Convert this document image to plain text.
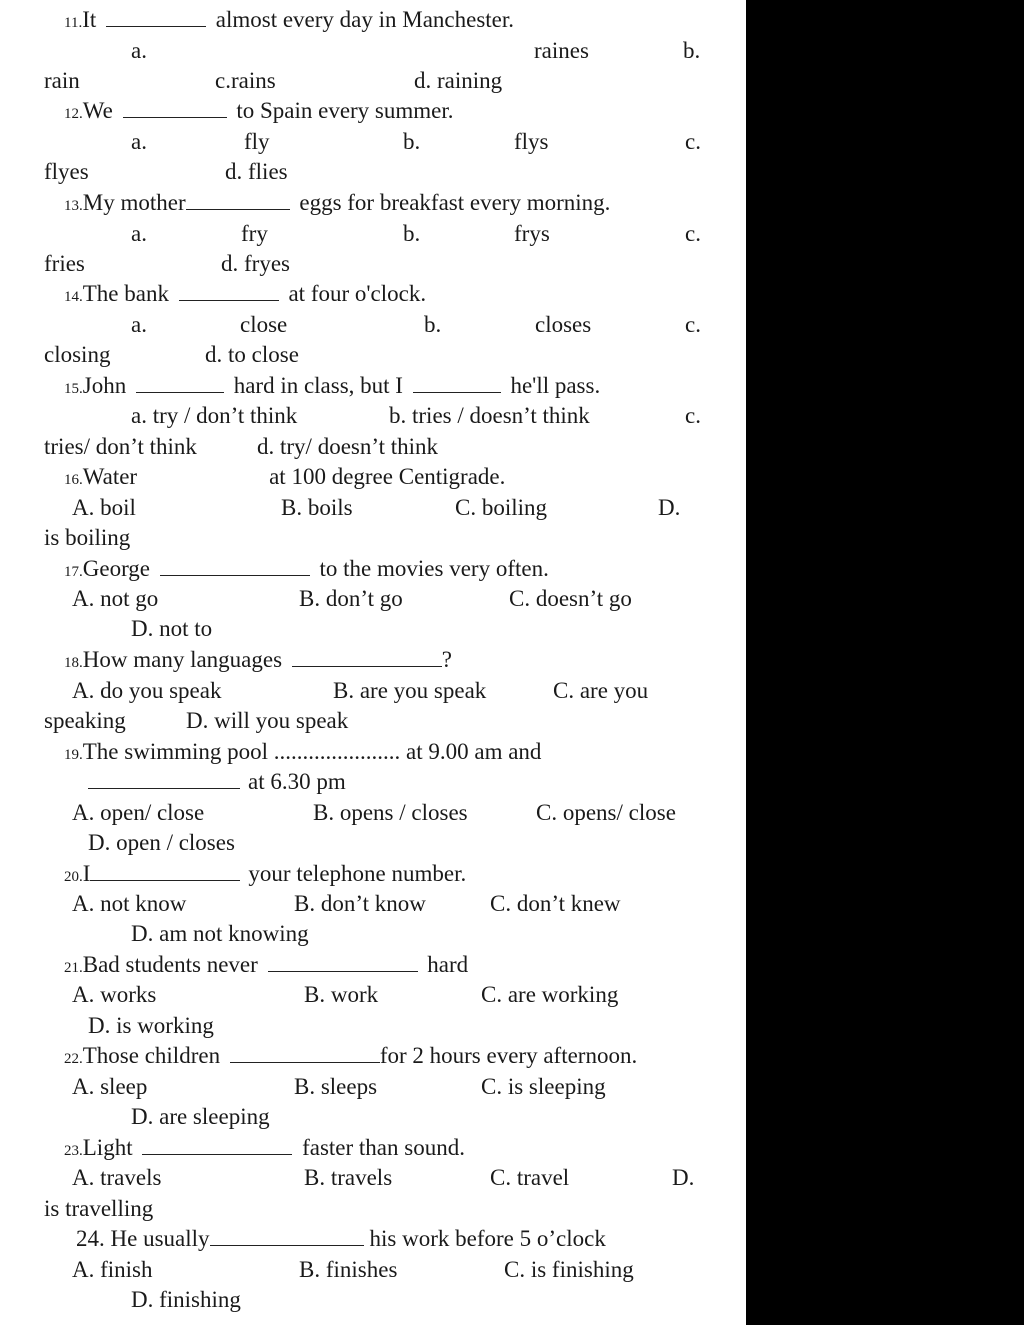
11.It	almost every day in Manchester.
a.	raines	b.
rain	c.rains	d. raining
12.We	to Spain every summer.
a.	fly	b.	flys	c.
flyes	d. flies
13.My mother	eggs for breakfast every morning.
a.	fry	b.	frys	c.
fries	d. fryes
14.The bank	at four o'clock.
a.	close	b.	closes	c.
closing	d. to close
15.John	hard in class, but I	he'll pass.
a. try / don’t think	b. tries / doesn’t think	c.
tries/ don’t think	d. try/ doesn’t think
16.Water	at 100 degree Centigrade.
A. boil	B. boils	C. boiling	D.
is boiling
17.George	to the movies very often.
A. not go	B. don’t go	C. doesn’t go
D. not to
18.How many languages	?
A. do you speak	B. are you speak	C. are you
speaking	D. will you speak
19.The swimming pool ...................... at 9.00 am and
at 6.30 pm
A. open/ close	B. opens / closes	C. opens/ close
D. open / closes
20.I	your telephone number.
A. not know	B. don’t know	C. don’t knew
D. am not knowing
21.Bad students never	hard
A. works	B. work	C. are working
D. is working
22.Those children	for 2 hours every afternoon.
A. sleep	B. sleeps	C. is sleeping
D. are sleeping
23.Light	faster than sound.
A. travels	B. travels	C. travel	D.
is travelling
24. He usually	his work before 5 o’clock
A. finish	B. finishes	C. is finishing
D. finishing
